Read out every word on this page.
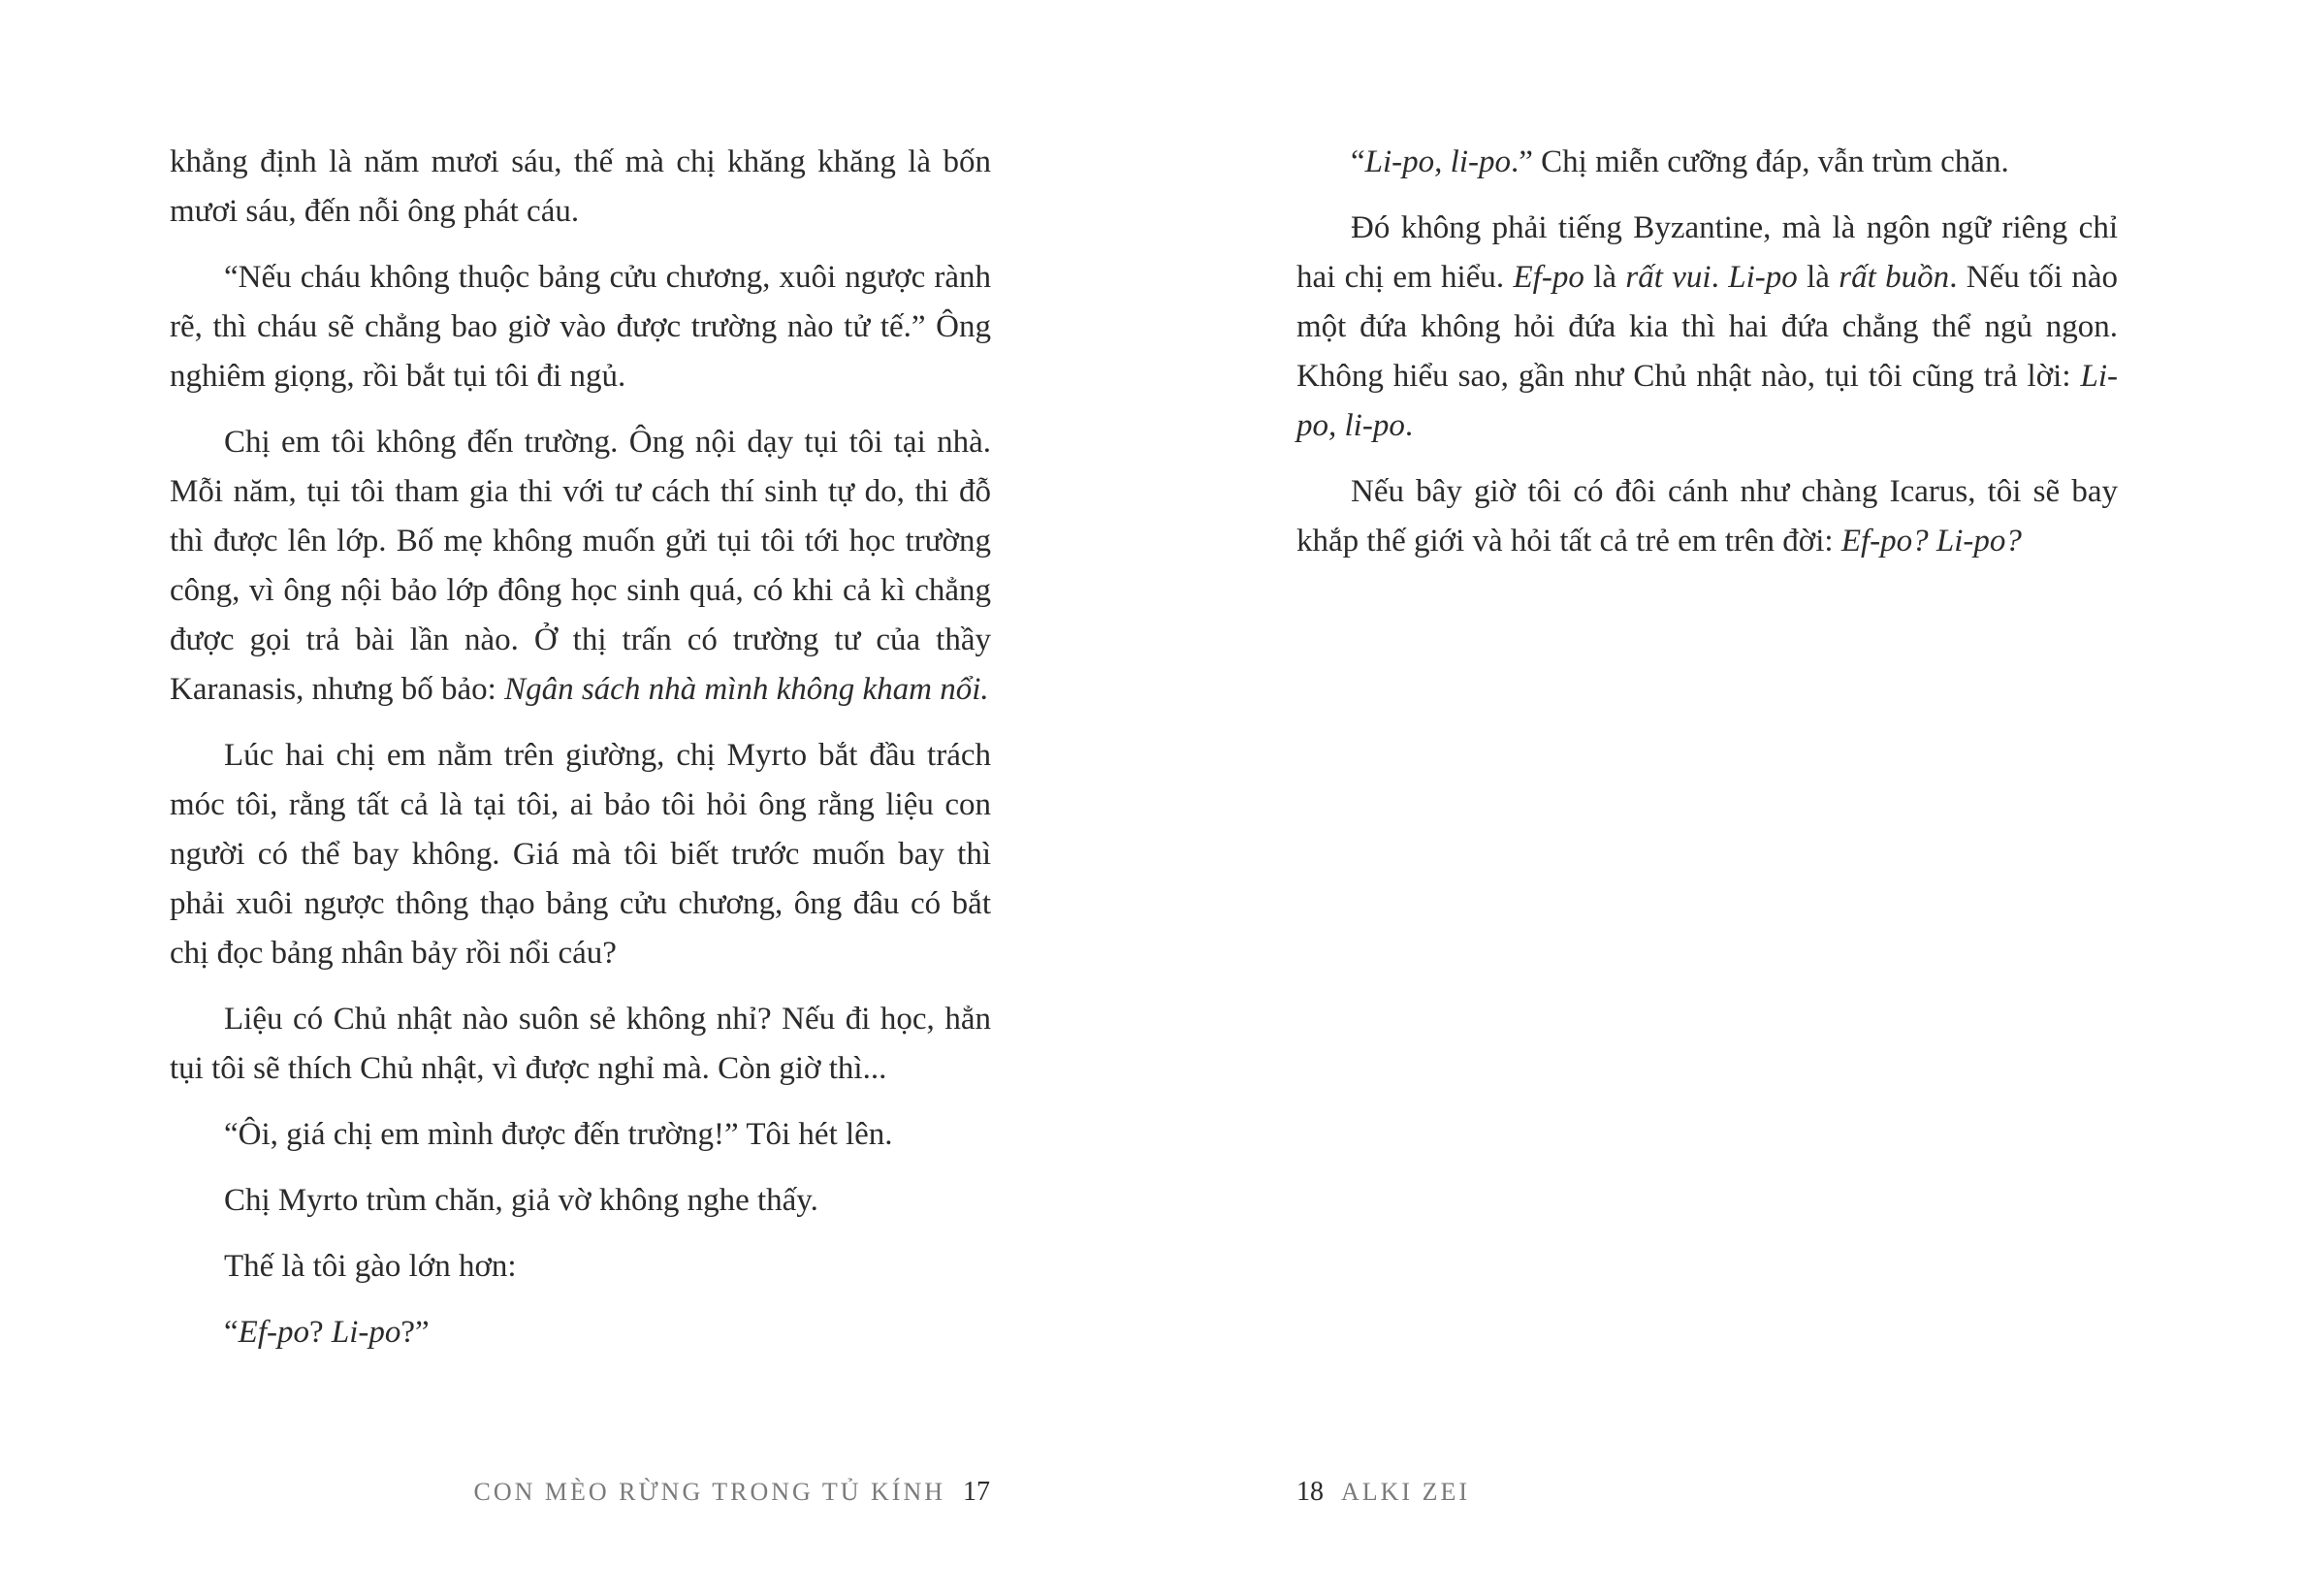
khẳng định là năm mươi sáu, thế mà chị khăng khăng là bốn mươi sáu, đến nỗi ông phát cáu.

“Nếu cháu không thuộc bảng cửu chương, xuôi ngược rành rẽ, thì cháu sẽ chẳng bao giờ vào được trường nào tử tế.” Ông nghiêm giọng, rồi bắt tụi tôi đi ngủ.

Chị em tôi không đến trường. Ông nội dạy tụi tôi tại nhà. Mỗi năm, tụi tôi tham gia thi với tư cách thí sinh tự do, thi đỗ thì được lên lớp. Bố mẹ không muốn gửi tụi tôi tới học trường công, vì ông nội bảo lớp đông học sinh quá, có khi cả kì chẳng được gọi trả bài lần nào. Ở thị trấn có trường tư của thầy Karanasis, nhưng bố bảo: Ngân sách nhà mình không kham nổi.

Lúc hai chị em nằm trên giường, chị Myrto bắt đầu trách móc tôi, rằng tất cả là tại tôi, ai bảo tôi hỏi ông rằng liệu con người có thể bay không. Giá mà tôi biết trước muốn bay thì phải xuôi ngược thông thạo bảng cửu chương, ông đâu có bắt chị đọc bảng nhân bảy rồi nổi cáu?

Liệu có Chủ nhật nào suôn sẻ không nhỉ? Nếu đi học, hẳn tụi tôi sẽ thích Chủ nhật, vì được nghỉ mà. Còn giờ thì...

“Ôi, giá chị em mình được đến trường!” Tôi hét lên.

Chị Myrto trùm chăn, giả vờ không nghe thấy.

Thế là tôi gào lớn hơn:

“Ef-po? Li-po?”

CON MÈO RỪNG TRONG TỦ KÍNH 17

“Li-po, li-po.” Chị miễn cưỡng đáp, vẫn trùm chăn.

Đó không phải tiếng Byzantine, mà là ngôn ngữ riêng chỉ hai chị em hiểu. Ef-po là rất vui. Li-po là rất buồn. Nếu tối nào một đứa không hỏi đứa kia thì hai đứa chẳng thể ngủ ngon. Không hiểu sao, gần như Chủ nhật nào, tụi tôi cũng trả lời: Li-po, li-po.

Nếu bây giờ tôi có đôi cánh như chàng Icarus, tôi sẽ bay khắp thế giới và hỏi tất cả trẻ em trên đời: Ef-po? Li-po?

18 ALKI ZEI
